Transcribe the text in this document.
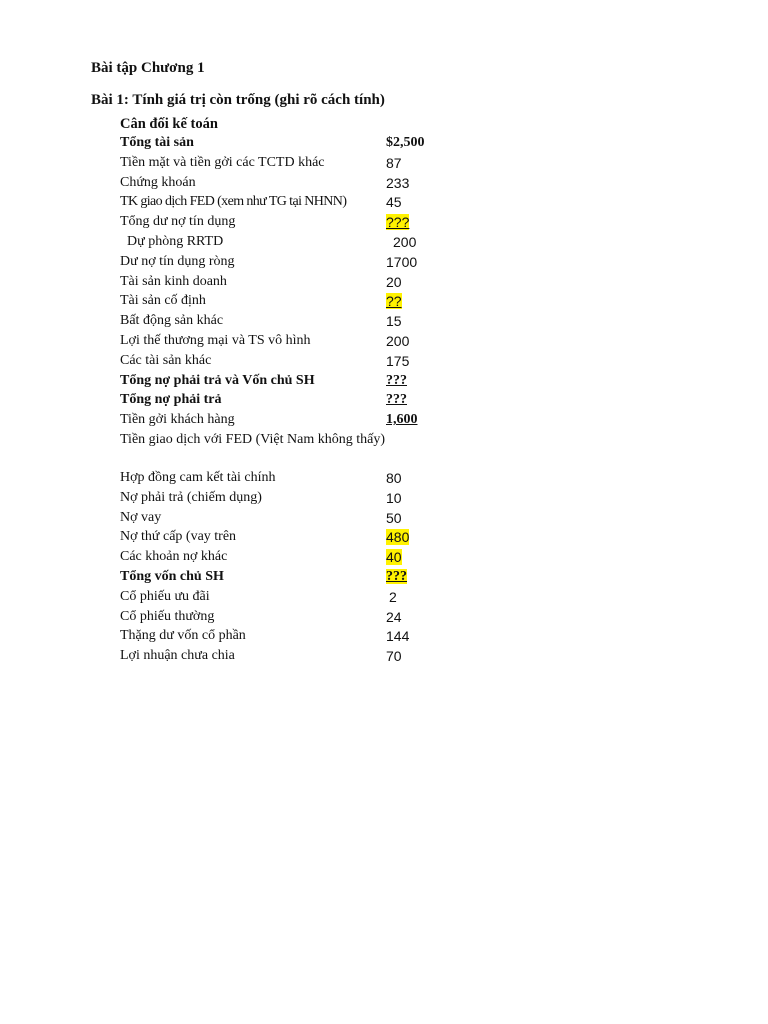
Bài tập Chương 1
Bài 1: Tính giá trị còn trống (ghi rõ cách tính)
Cân đối kế toán
Tổng tài sản	$2,500
Tiền mặt và tiền gởi các TCTD khác	87
Chứng khoán	233
TK giao dịch FED (xem như TG tại NHNN)	45
Tổng dư nợ tín dụng	???
Dự phòng RRTD	200
Dư nợ tín dụng ròng	1700
Tài sản kinh doanh	20
Tài sản cố định	??
Bất động sản khác	15
Lợi thế thương mại và TS vô hình	200
Các tài sản khác	175
Tổng nợ phải trả và Vốn chủ SH	???
Tổng nợ phải trả	???
Tiền gởi khách hàng	1,600
Tiền giao dịch với FED (Việt Nam không thấy)
Hợp đồng cam kết tài chính	80
Nợ phải trả (chiếm dụng)	10
Nợ vay	50
Nợ thứ cấp (vay trên	480
Các khoản nợ khác	40
Tổng vốn chủ SH	???
Cổ phiếu ưu đãi	2
Cổ phiếu thường	24
Thặng dư vốn cổ phần	144
Lợi nhuận chưa chia	70
